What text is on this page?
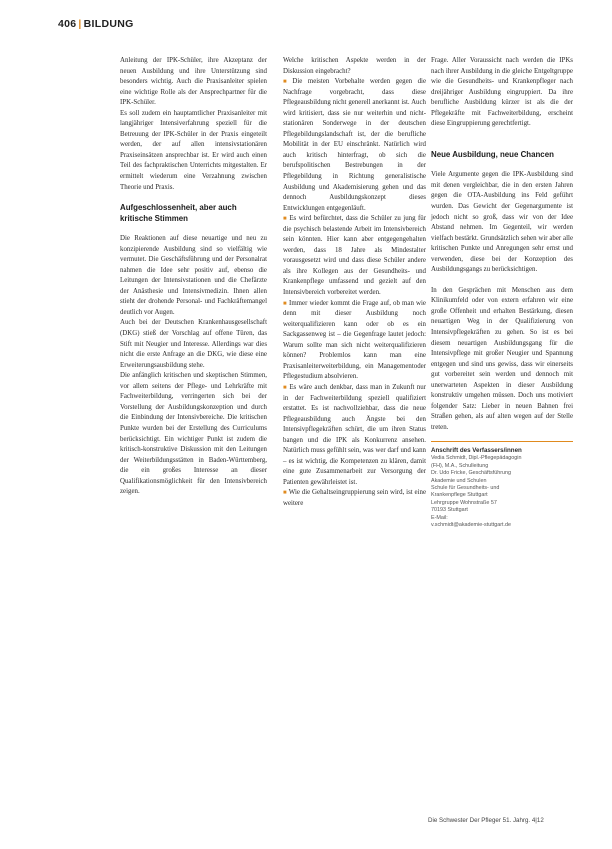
406 | BILDUNG

Anleitung der IPK-Schüler, ihre Akzeptanz der neuen Ausbildung und ihre Unterstützung sind besonders wichtig. Auch die Praxisanleiter spielen eine wichtige Rolle als der Ansprechpartner für die IPK-Schüler.

Es soll zudem ein hauptamtlicher Praxisanleiter mit langjähriger Intensiverfahrung speziell für die Betreuung der IPK-Schüler in der Praxis eingeteilt werden, der auf allen intensivstationären Praxiseinsätzen ansprechbar ist. Er wird auch einen Teil des fachpraktischen Unterrichts mitgestalten. Er ermittelt wiederum eine Verzahnung zwischen Theorie und Praxis.

Aufgeschlossenheit, aber auch kritische Stimmen

Die Reaktionen auf diese neuartige und neu zu konzipierende Ausbildung sind so vielfältig wie vermutet. Die Geschäftsführung und der Personalrat nahmen die Idee sehr positiv auf, ebenso die Leitungen der Intensivstationen und die Chefärzte der Anästhesie und Intensivmedizin. Ihnen allen stieht der drohende Personal- und Fachkräftemangel deutlich vor Augen.

Auch bei der Deutschen Krankenhausgesellschaft (DKG) stieß der Vorschlag auf offene Türen, das Stift mit Neugier und Interesse. Allerdings war dies nicht die erste Anfrage an die DKG, wie diese eine Erweiterungsausbildung stehe.

Die anfänglich kritischen und skeptischen Stimmen, vor allem seitens der Pflege- und Lehrkräfte mit Fachweiterbildung, verringerten sich bei der Vorstellung der Ausbildungskonzeption und durch die Einbindung der Intensivbereiche. Die kritischen Punkte wurden bei der Erstellung des Curriculums berücksichtigt. Ein wichtiger Punkt ist zudem die kritisch-konstruktive Diskussion mit den Leitungen der Weiterbildungsstätten in Baden-Württemberg, die ein großes Interesse an dieser Qualifikationsmöglichkeit für den Intensivbereich zeigen.

Welche kritischen Aspekte werden in der Diskussion eingebracht?

■ Die meisten Vorbehalte werden gegen die Nachfrage vorgebracht, dass diese Pflegeausbildung nicht generell anerkannt ist. Auch wird kritisiert, dass sie nur weiterhin und nicht-stationären Sonderwege in der deutschen Pflegebildungslandschaft ist, der die berufliche Mobilität in der EU einschränkt. Natürlich wird auch kritisch hinterfragt, ob sich die berufspolitischen Bestrebungen in der Pflegebildung in Richtung generalistische Ausbildung und Akademisierung gehen und das dennoch Ausbildungskonzept dieses Entwicklungen entgegenläuft.

■ Es wird befürchtet, dass die Schüler zu jung für die psychisch belastende Arbeit im Intensivbereich sein könnten. Hier kann aber entgegengehalten werden, dass 18 Jahre als Mindestalter vorausgesetzt wird und dass diese Schüler andere als ihre Kollegen aus der Gesundheits- und Krankenpflege umfassend und gezielt auf den Intensivbereich vorbereitet werden.

■ Immer wieder kommt die Frage auf, ob man wie denn mit dieser Ausbildung noch weiterqualifizieren kann oder ob es ein Sackgassenweg ist – die Gegenfrage lautet jedoch: Warum sollte man sich nicht weiterqualifizieren können? Problemlos kann man eine Praxisanleiterweiterbildung, ein Managementoder Pflegestudium absolvieren.

■ Es wäre auch denkbar, dass man in Zukunft nur in der Fachweiterbildung speziell qualifiziert erstattet. Es ist nachvollziehbar, dass die neue Pflegeausbildung auch Ängste bei den Intensivpflegekräften schürt, die um ihren Status bangen und die IPK als Konkurrenz ansehen. Natürlich muss gefühlt sein, was wer darf und kann – es ist wichtig, die Kompetenzen zu klären, damit eine gute Zusammenarbeit zur Versorgung der Patienten gewährleistet ist.

■ Wie die Gehaltseingruppierung sein wird, ist eine weitere

Frage. Aller Voraussicht nach werden die IPKs nach ihrer Ausbildung in die gleiche Entgeltgruppe wie die Gesundheits- und Krankenpfleger nach dreijähriger Ausbildung eingruppiert. Da ihre berufliche Ausbildung kürzer ist als die der Pflegekräfte mit Fachweiterbildung, erscheint diese Eingruppierung gerechtfertigt.

Neue Ausbildung, neue Chancen

Viele Argumente gegen die IPK-Ausbildung sind mit denen vergleichbar, die in den ersten Jahren gegen die OTA-Ausbildung ins Feld geführt wurden. Das Gewicht der Gegenargumente ist jedoch nicht so groß, dass wir von der Idee Abstand nehmen. Im Gegenteil, wir werden vielfach bestärkt. Grundsätzlich sehen wir aber alle kritischen Punkte und Anregungen sehr ernst und verwenden, diese bei der Konzeption des Ausbildungsgangs zu berücksichtigen.

In den Gesprächen mit Menschen aus dem Klinikumfeld oder von extern erfahren wir eine große Offenheit und erhalten Bestärkung, diesen neuartigen Weg in der Qualifizierung von Intensivpflegekräften zu gehen. So ist es bei diesem neuartigen Ausbildungsgang für die Intensivpflege mit großer Neugier und Spannung entgegen und sind uns gewiss, dass wir einerseits gut vorbereitet sein werden und dennoch mit unerwarteten Aspekten in dieser Ausbildung konstruktiv umgehen müssen. Doch uns motiviert folgender Satz: Lieber in neuen Bahnen frei Straßen gehen, als auf alten wegen auf der Stelle treten.

Anschrift des Verfassers/innen
Vedia Schmidt, Dipl.-Pflegepädagogin
(FH), M.A., Schulleitung
Dr. Udo Fricke, Geschäftsführung
Akademie und Schulen
Schule für Gesundheits- und
Krankenpflege Stuttgart
Lehrgruppe Wohnstraße 57
70193 Stuttgart
E-Mail:
v.schmidt@akademie-stuttgart.de
Die Schwester Der Pfleger 51. Jahrg. 4|12
